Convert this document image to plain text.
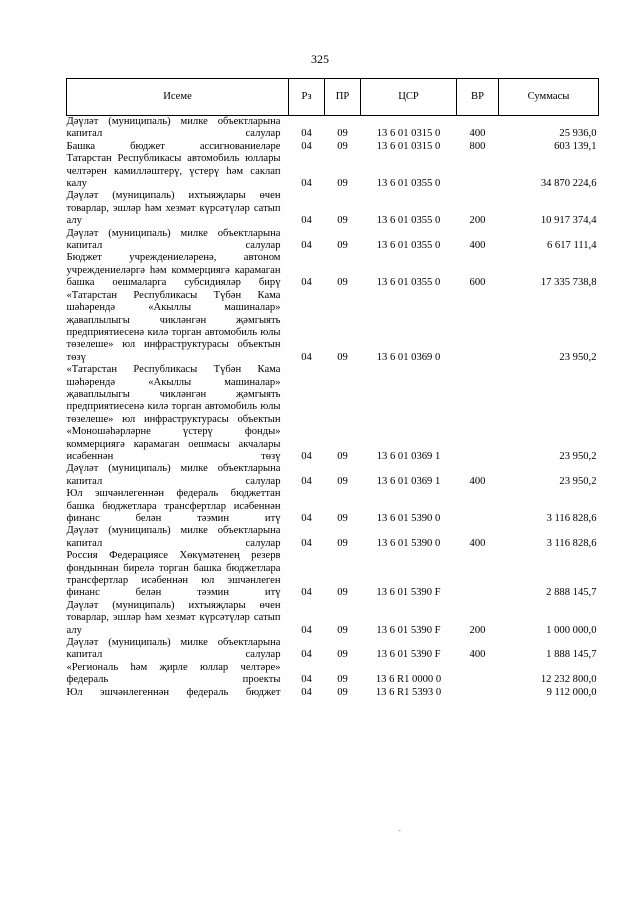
325
Исеме	Рз	ПР	ЦСР	ВР	Суммасы
Дәүләт (муниципаль) милке объектларына капитал салулар	04	09	13 6 01 0315 0	400	25 936,0
Башка бюджет ассигнованиеләре	04	09	13 6 01 0315 0	800	603 139,1
Татарстан Республикасы автомобиль юллары челтәрен камилләштерү, үстерү һәм саклап калу	04	09	13 6 01 0355 0		34 870 224,6
Дәүләт (муниципаль) ихтыяҗлары өчен товарлар, эшләр һәм хезмәт күрсәтүләр сатып алу	04	09	13 6 01 0355 0	200	10 917 374,4
Дәүләт (муниципаль) милке объектларына капитал салулар	04	09	13 6 01 0355 0	400	6 617 111,4
Бюджет учреждениеләренә, автоном учреждениеләргә һәм коммерциягә карамаган башка оешмаларга субсидияләр бирү	04	09	13 6 01 0355 0	600	17 335 738,8
«Татарстан Республикасы Түбән Кама шәһәрендә «Акыллы машиналар» җаваплылыгы чикләнгән җәмгыять предприятиесенә килә торган автомобиль юлы төзелеше» юл инфраструктурасы объектын төзү	04	09	13 6 01 0369 0		23 950,2
«Татарстан Республикасы Түбән Кама шәһәрендә «Акыллы машиналар» җаваплылыгы чикләнгән җәмгыять предприятиесенә килә торган автомобиль юлы төзелеше» юл инфраструктурасы объектын «Моношәһәрләрне үстерү фонды» коммерциягә карамаган оешмасы акчалары исәбеннән төзү	04	09	13 6 01 0369 1		23 950,2
Дәүләт (муниципаль) милке объектларына капитал салулар	04	09	13 6 01 0369 1	400	23 950,2
Юл эшчәнлегеннән федераль бюджеттан башка бюджетлара трансфертлар исәбеннән финанс белән тәэмин итү	04	09	13 6 01 5390 0		3 116 828,6
Дәүләт (муниципаль) милке объектларына капитал салулар	04	09	13 6 01 5390 0	400	3 116 828,6
Россия Федерациясе Хөкүмәтенең резерв фондыннан бирелә торган башка бюджетлара трансфертлар исәбеннән юл эшчәнлеген финанс белән тәэмин итү	04	09	13 6 01 5390 F		2 888 145,7
Дәүләт (муниципаль) ихтыяҗлары өчен товарлар, эшләр һәм хезмәт күрсәтүләр сатып алу	04	09	13 6 01 5390 F	200	1 000 000,0
Дәүләт (муниципаль) милке объектларына капитал салулар	04	09	13 6 01 5390 F	400	1 888 145,7
«Региональ һәм җирле юллар челтәре» федераль проекты	04	09	13 6 R1 0000 0		12 232 800,0
Юл эшчәнлегеннән федераль бюджет	04	09	13 6 R1 5393 0		9 112 000,0
-
